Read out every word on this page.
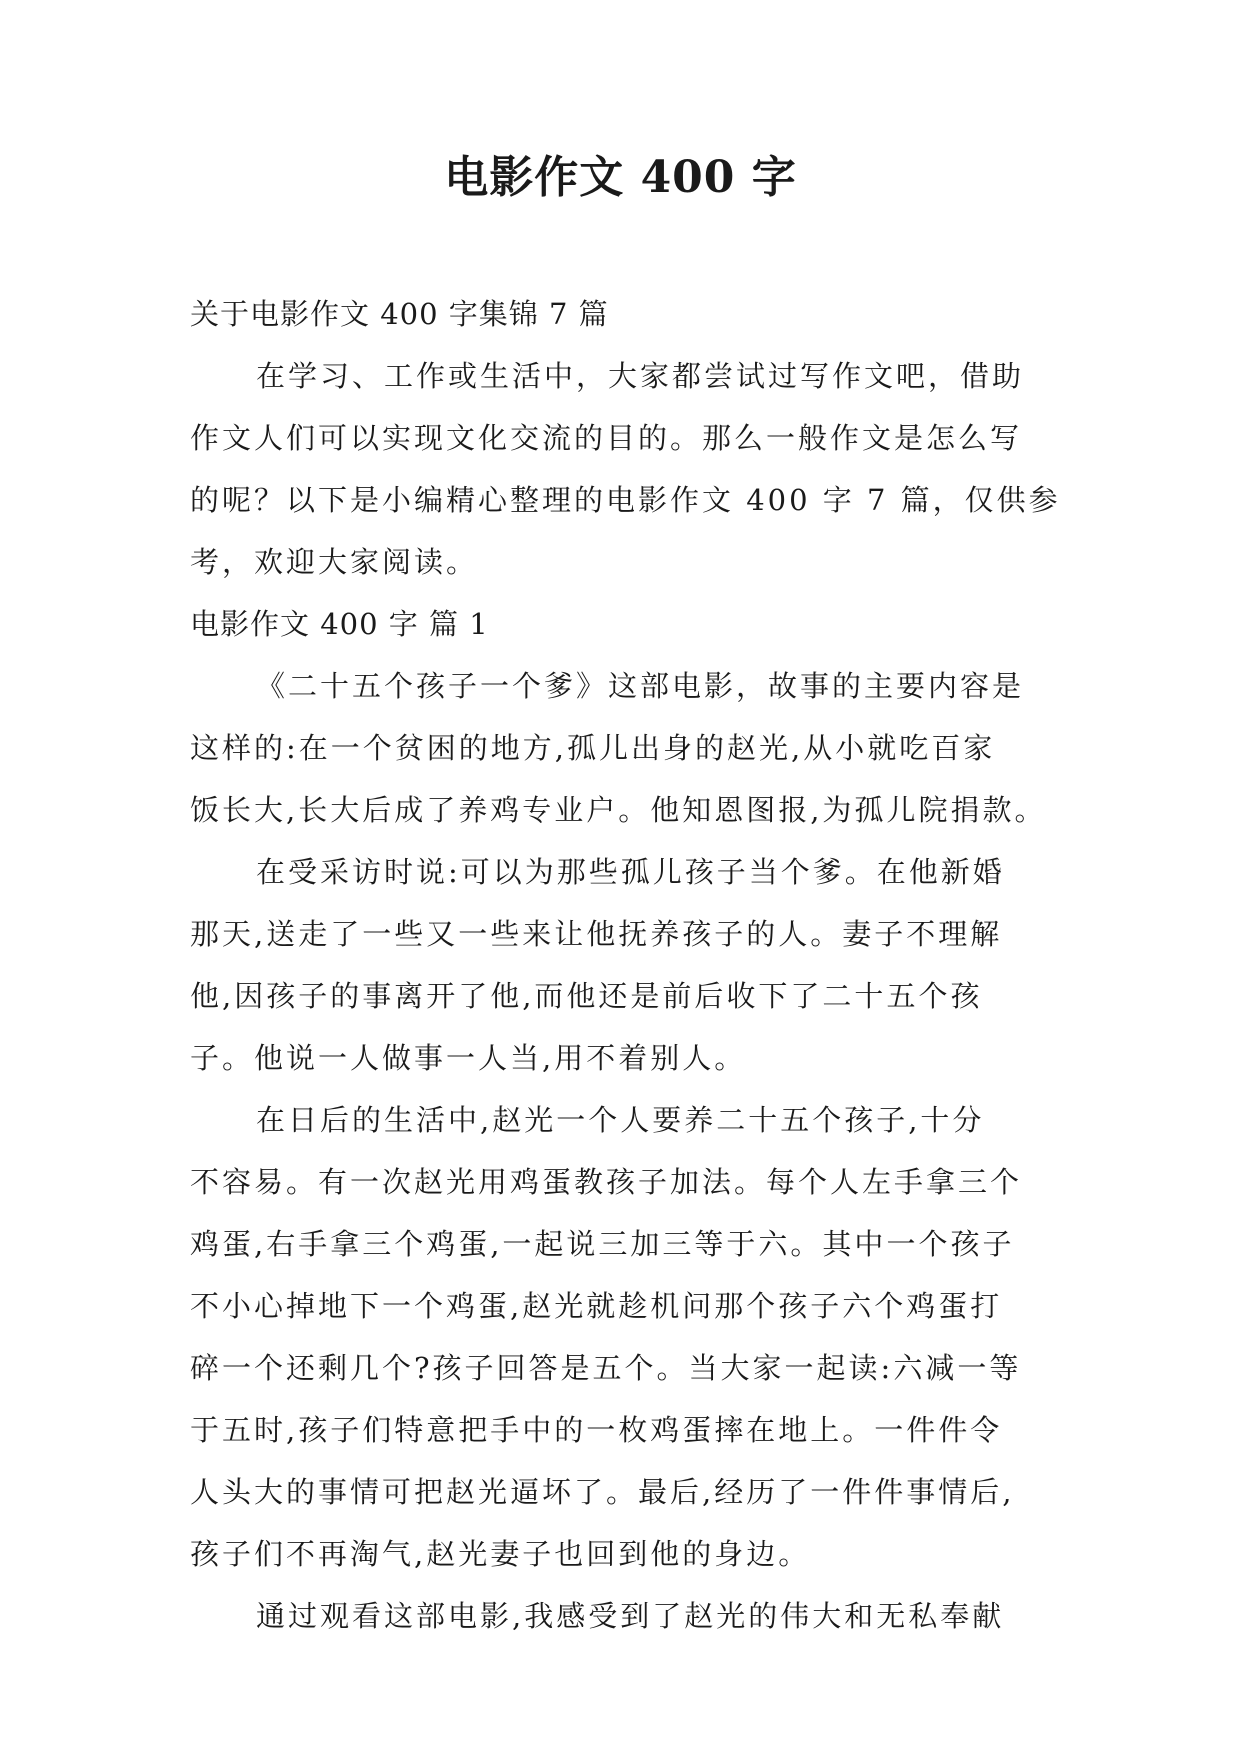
电影作文 400 字
关于电影作文 400 字集锦 7 篇
在学习、工作或生活中，大家都尝试过写作文吧，借助
作文人们可以实现文化交流的目的。那么一般作文是怎么写
的呢？以下是小编精心整理的电影作文 400 字 7 篇，仅供参
考，欢迎大家阅读。
电影作文 400 字 篇 1
《二十五个孩子一个爹》这部电影，故事的主要内容是
这样的:在一个贫困的地方,孤儿出身的赵光,从小就吃百家
饭长大,长大后成了养鸡专业户。他知恩图报,为孤儿院捐款。
在受采访时说:可以为那些孤儿孩子当个爹。在他新婚
那天,送走了一些又一些来让他抚养孩子的人。妻子不理解
他,因孩子的事离开了他,而他还是前后收下了二十五个孩
子。他说一人做事一人当,用不着别人。
在日后的生活中,赵光一个人要养二十五个孩子,十分
不容易。有一次赵光用鸡蛋教孩子加法。每个人左手拿三个
鸡蛋,右手拿三个鸡蛋,一起说三加三等于六。其中一个孩子
不小心掉地下一个鸡蛋,赵光就趁机问那个孩子六个鸡蛋打
碎一个还剩几个?孩子回答是五个。当大家一起读:六减一等
于五时,孩子们特意把手中的一枚鸡蛋摔在地上。一件件令
人头大的事情可把赵光逼坏了。最后,经历了一件件事情后,
孩子们不再淘气,赵光妻子也回到他的身边。
通过观看这部电影,我感受到了赵光的伟大和无私奉献
